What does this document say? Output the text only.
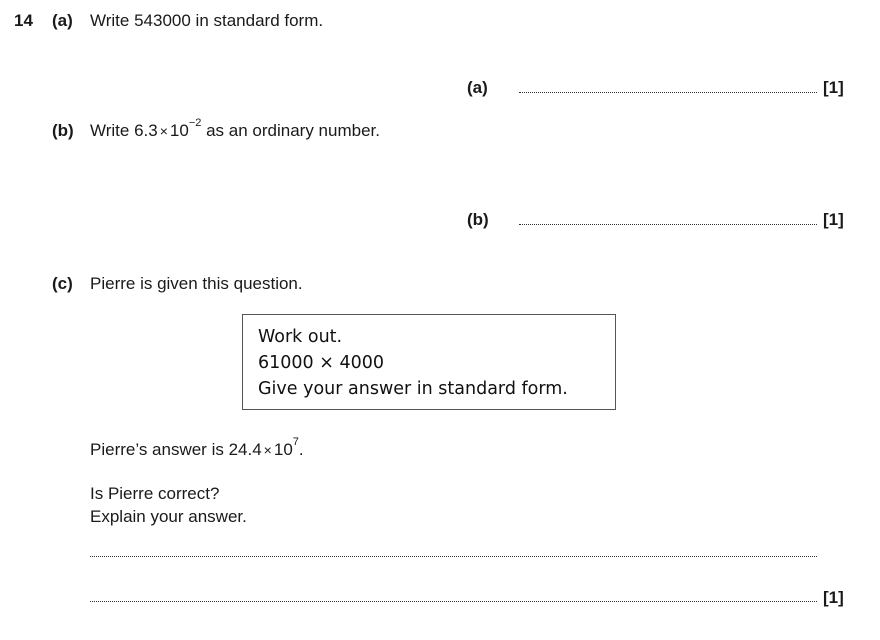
14 (a) Write 543000 in standard form.
(a)	[1]
(b) Write $6.3 \times 10^{-2}$ as an ordinary number.
(b)	[1]
(c) Pierre is given this question.
Work out.
61000 × 4000
Give your answer in standard form.
Pierre’s answer is $24.4 \times 10^7$.
Is Pierre correct?
Explain your answer.
[1]
